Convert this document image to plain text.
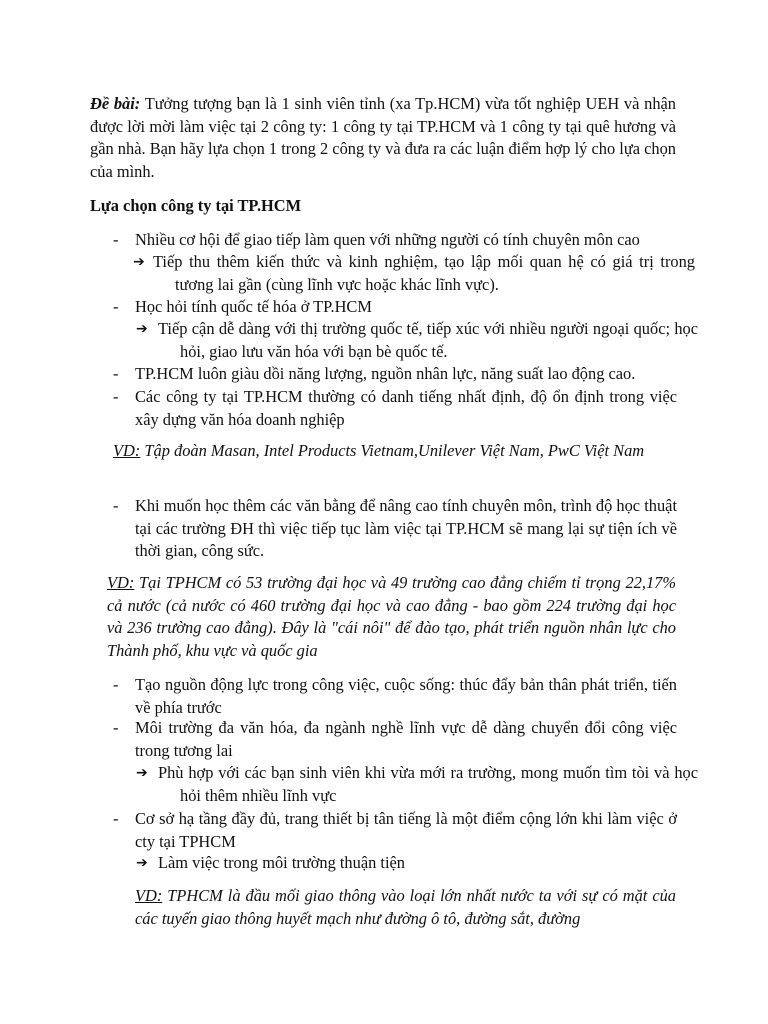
Đề bài: Tưởng tượng bạn là 1 sinh viên tỉnh (xa Tp.HCM) vừa tốt nghiệp UEH và nhận được lời mời làm việc tại 2 công ty: 1 công ty tại TP.HCM và 1 công ty tại quê hương và gần nhà. Bạn hãy lựa chọn 1 trong 2 công ty và đưa ra các luận điểm hợp lý cho lựa chọn của mình.
Lựa chọn công ty tại TP.HCM
-	Nhiều cơ hội để giao tiếp làm quen với những người có tính chuyên môn cao
➔ Tiếp thu thêm kiến thức và kinh nghiệm, tạo lập mối quan hệ có giá trị trong tương lai gần (cùng lĩnh vực hoặc khác lĩnh vực).
-	Học hỏi tính quốc tế hóa ở TP.HCM
➔ Tiếp cận dễ dàng với thị trường quốc tế, tiếp xúc với nhiều người ngoại quốc; học hỏi, giao lưu văn hóa với bạn bè quốc tế.
-	TP.HCM luôn giàu dồi năng lượng, nguồn nhân lực, năng suất lao động cao.
-	Các công ty tại TP.HCM thường có danh tiếng nhất định, độ ổn định trong việc xây dựng văn hóa doanh nghiệp
VD: Tập đoàn Masan, Intel Products Vietnam,Unilever Việt Nam, PwC Việt Nam
-	Khi muốn học thêm các văn bằng để nâng cao tính chuyên môn, trình độ học thuật tại các trường ĐH thì việc tiếp tục làm việc tại TP.HCM sẽ mang lại sự tiện ích về thời gian, công sức.
VD: Tại TPHCM có 53 trường đại học và 49 trường cao đẳng chiếm tỉ trọng 22,17% cả nước (cả nước có 460 trường đại học và cao đẳng - bao gồm 224 trường đại học và 236 trường cao đẳng). Đây là "cái nôi" để đào tạo, phát triển nguồn nhân lực cho Thành phố, khu vực và quốc gia
-	Tạo nguồn động lực trong công việc, cuộc sống: thúc đẩy bản thân phát triển, tiến về phía trước
-	Môi trường đa văn hóa, đa ngành nghề lĩnh vực dễ dàng chuyển đổi công việc trong tương lai
➔ Phù hợp với các bạn sinh viên khi vừa mới ra trường, mong muốn tìm tòi và học hỏi thêm nhiều lĩnh vực
-	Cơ sở hạ tầng đầy đủ, trang thiết bị tân tiếng là một điểm cộng lớn khi làm việc ở cty tại TPHCM
➔ Làm việc trong môi trường thuận tiện
VD: TPHCM là đầu mối giao thông vào loại lớn nhất nước ta với sự có mặt của các tuyến giao thông huyết mạch như đường ô tô, đường sắt, đường
